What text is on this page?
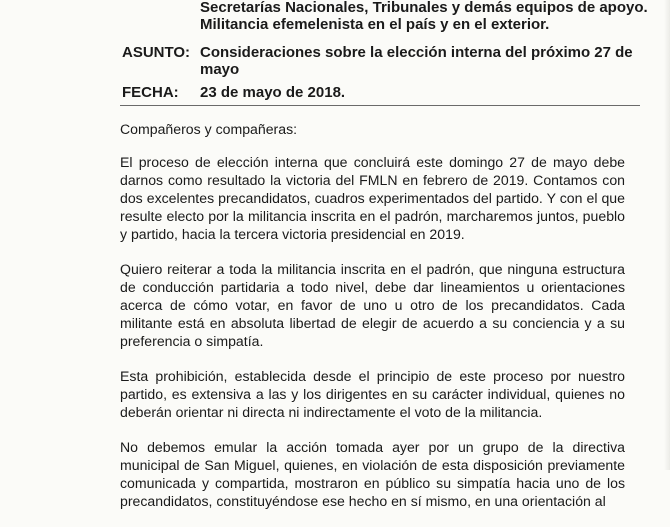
Secretarías Nacionales, Tribunales y demás equipos de apoyo.
Militancia efemelenista en el país y en el exterior.
ASUNTO: Consideraciones sobre la elección interna del próximo 27 de
mayo
FECHA: 23 de mayo de 2018.

Compañeros y compañeras:

El proceso de elección interna que concluirá este domingo 27 de mayo debe darnos como resultado la victoria del FMLN en febrero de 2019. Contamos con dos excelentes precandidatos, cuadros experimentados del partido. Y con el que resulte electo por la militancia inscrita en el padrón, marcharemos juntos, pueblo y partido, hacia la tercera victoria presidencial en 2019.

Quiero reiterar a toda la militancia inscrita en el padrón, que ninguna estructura de conducción partidaria a todo nivel, debe dar lineamientos u orientaciones acerca de cómo votar, en favor de uno u otro de los precandidatos. Cada militante está en absoluta libertad de elegir de acuerdo a su conciencia y a su preferencia o simpatía.

Esta prohibición, establecida desde el principio de este proceso por nuestro partido, es extensiva a las y los dirigentes en su carácter individual, quienes no deberán orientar ni directa ni indirectamente el voto de la militancia.

No debemos emular la acción tomada ayer por un grupo de la directiva municipal de San Miguel, quienes, en violación de esta disposición previamente comunicada y compartida, mostraron en público su simpatía hacia uno de los precandidatos, constituyéndose ese hecho en sí mismo, en una orientación al
